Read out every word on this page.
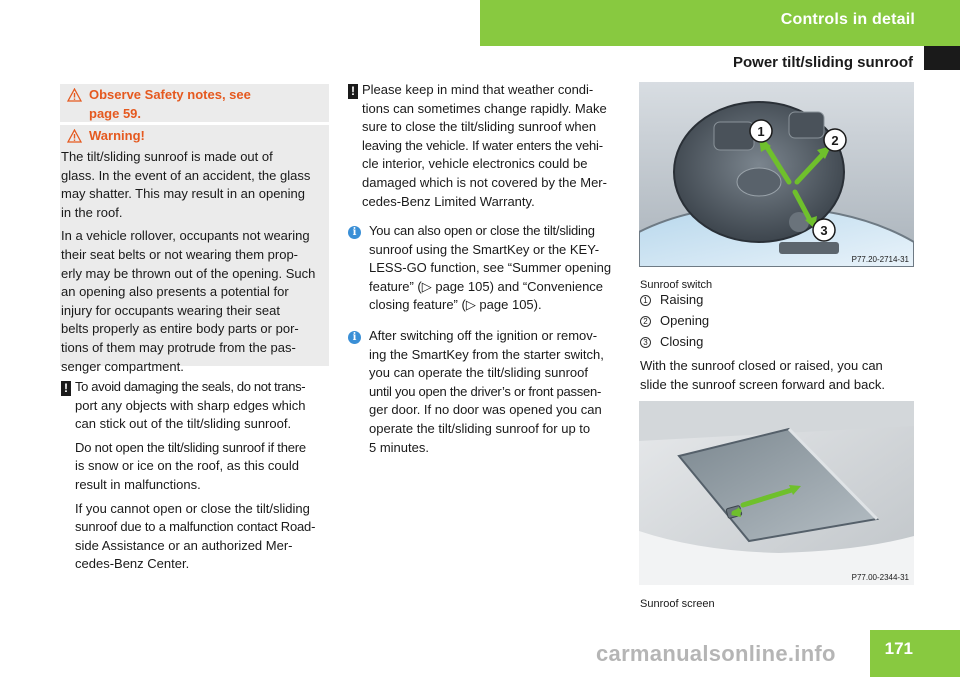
Controls in detail
Power tilt/sliding sunroof
Observe Safety notes, see
page 59.
Warning!

The tilt/sliding sunroof is made out of
glass. In the event of an accident, the glass
may shatter. This may result in an opening
in the roof.

In a vehicle rollover, occupants not wearing
their seat belts or not wearing them prop-
erly may be thrown out of the opening. Such
an opening also presents a potential for
injury for occupants wearing their seat
belts properly as entire body parts or por-
tions of them may protrude from the pas-
senger compartment.

! To avoid damaging the seals, do not trans-
port any objects with sharp edges which
can stick out of the tilt/sliding sunroof.

Do not open the tilt/sliding sunroof if there
is snow or ice on the roof, as this could
result in malfunctions.

If you cannot open or close the tilt/sliding
sunroof due to a malfunction contact Road-
side Assistance or an authorized Mer-
cedes-Benz Center.

! Please keep in mind that weather condi-
tions can sometimes change rapidly. Make
sure to close the tilt/sliding sunroof when
leaving the vehicle. If water enters the vehi-
cle interior, vehicle electronics could be
damaged which is not covered by the Mer-
cedes-Benz Limited Warranty.
i You can also open or close the tilt/sliding
sunroof using the SmartKey or the KEY-
LESS-GO function, see “Summer opening
feature” (▷ page 105) and “Convenience
closing feature” (▷ page 105).
i After switching off the ignition or remov-
ing the SmartKey from the starter switch,
you can operate the tilt/sliding sunroof
until you open the driver’s or front passen-
ger door. If no door was opened you can
operate the tilt/sliding sunroof for up to
5 minutes.
1
2
3
P77.20-2714-31
Sunroof switch
1 Raising
2 Opening
3 Closing
With the sunroof closed or raised, you can
slide the sunroof screen forward and back.
P77.00-2344-31
Sunroof screen
171
carmanualsonline.info
